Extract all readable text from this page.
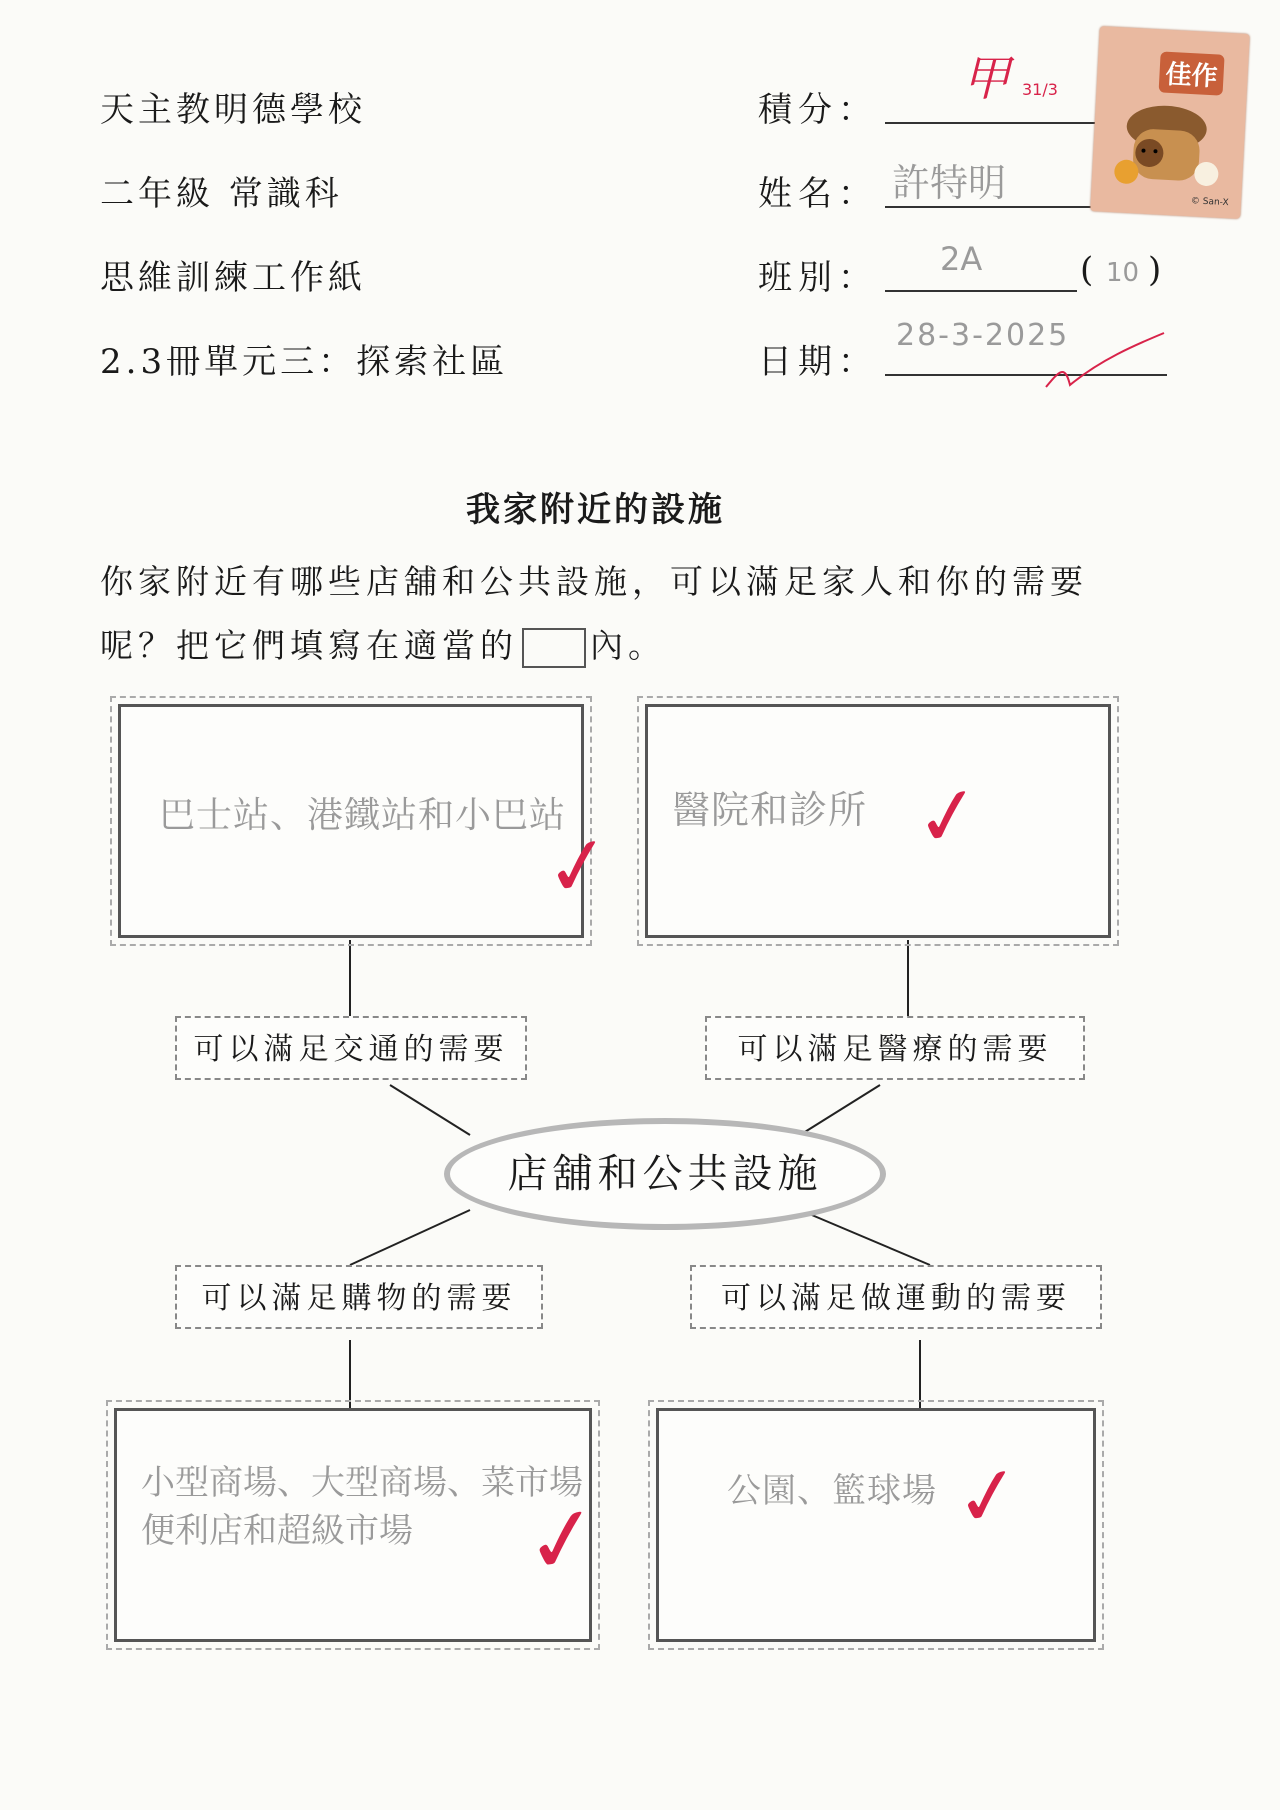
天主教明德學校
二年級 常識科
思維訓練工作紙
2.3冊單元三：探索社區
積分：
甲 31/3
姓名： 許特明
班別： 2A	( 10 )
日期：
28-3-2025
佳作
© San-X
我家附近的設施
你家附近有哪些店舖和公共設施，可以滿足家人和你的需要
呢？把它們填寫在適當的 內。
巴士站、港鐵站和小巴站	醫院和診所
小型商場、大型商場、菜市場
便利店和超級市場
公園、籃球場
可以滿足交通的需要	可以滿足醫療的需要
可以滿足購物的需要	可以滿足做運動的需要
店舖和公共設施
✓	✓
✓	✓
